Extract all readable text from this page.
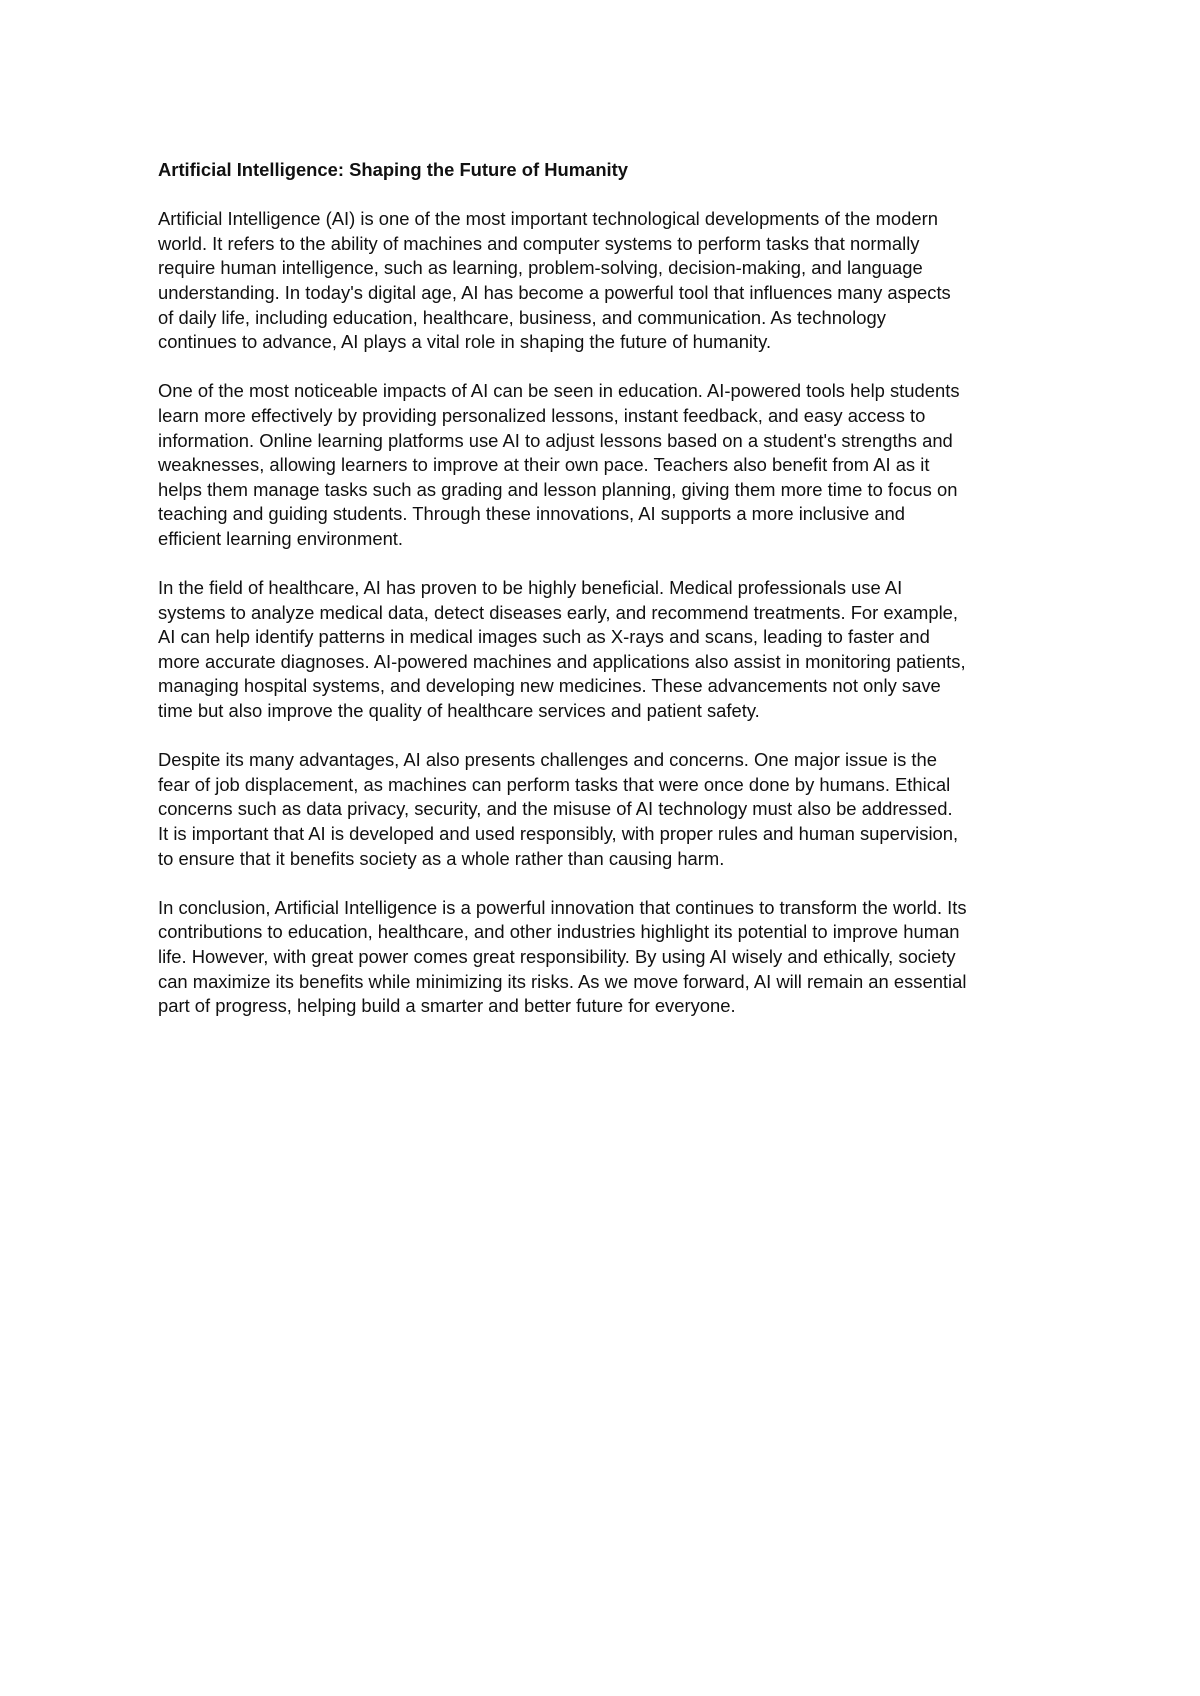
Artificial Intelligence: Shaping the Future of Humanity
Artificial Intelligence (AI) is one of the most important technological developments of the modern
world. It refers to the ability of machines and computer systems to perform tasks that normally
require human intelligence, such as learning, problem-solving, decision-making, and language
understanding. In today's digital age, AI has become a powerful tool that influences many aspects
of daily life, including education, healthcare, business, and communication. As technology
continues to advance, AI plays a vital role in shaping the future of humanity.
One of the most noticeable impacts of AI can be seen in education. AI-powered tools help students
learn more effectively by providing personalized lessons, instant feedback, and easy access to
information. Online learning platforms use AI to adjust lessons based on a student's strengths and
weaknesses, allowing learners to improve at their own pace. Teachers also benefit from AI as it
helps them manage tasks such as grading and lesson planning, giving them more time to focus on
teaching and guiding students. Through these innovations, AI supports a more inclusive and
efficient learning environment.
In the field of healthcare, AI has proven to be highly beneficial. Medical professionals use AI
systems to analyze medical data, detect diseases early, and recommend treatments. For example,
AI can help identify patterns in medical images such as X-rays and scans, leading to faster and
more accurate diagnoses. AI-powered machines and applications also assist in monitoring patients,
managing hospital systems, and developing new medicines. These advancements not only save
time but also improve the quality of healthcare services and patient safety.
Despite its many advantages, AI also presents challenges and concerns. One major issue is the
fear of job displacement, as machines can perform tasks that were once done by humans. Ethical
concerns such as data privacy, security, and the misuse of AI technology must also be addressed.
It is important that AI is developed and used responsibly, with proper rules and human supervision,
to ensure that it benefits society as a whole rather than causing harm.
In conclusion, Artificial Intelligence is a powerful innovation that continues to transform the world. Its
contributions to education, healthcare, and other industries highlight its potential to improve human
life. However, with great power comes great responsibility. By using AI wisely and ethically, society
can maximize its benefits while minimizing its risks. As we move forward, AI will remain an essential
part of progress, helping build a smarter and better future for everyone.
